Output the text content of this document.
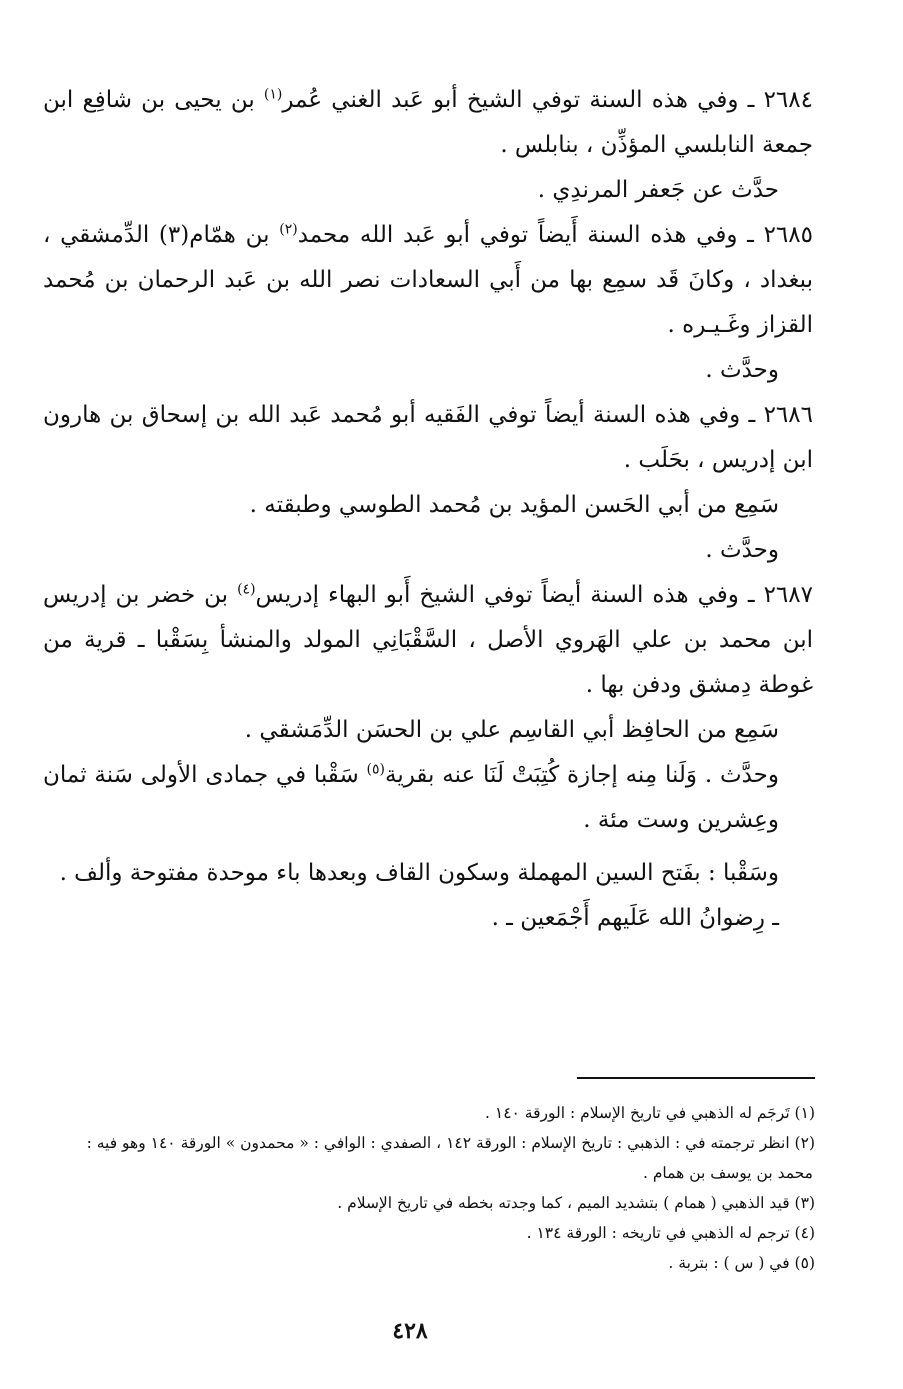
٢٦٨٤ ـ وفي هذه السنة توفي الشيخ أبو عَبد الغني عُمر$^{(١)}$ بن يحيى بن شافِع ابن جمعة النابلسي المؤذِّن ، بنابلس .

حدَّث عن جَعفر المرندِي .

٢٦٨٥ ـ وفي هذه السنة أَيضاً توفي أبو عَبد الله محمد$^{(٢)}$ بن همّام(٣) الدِّمشقي ، ببغداد ، وكانَ قَد سمِع بها من أَبي السعادات نصر الله بن عَبد الرحمان بن مُحمد القزاز وغَـيـره .

وحدَّث .

٢٦٨٦ ـ وفي هذه السنة أيضاً توفي الفَقيه أبو مُحمد عَبد الله بن إسحاق بن هارون ابن إدريس ، بحَلَب .

سَمِع من أبي الحَسن المؤيد بن مُحمد الطوسي وطبقته .

وحدَّث .

٢٦٨٧ ـ وفي هذه السنة أيضاً توفي الشيخ أَبو البهاء إدريس$^{(٤)}$ بن خضر بن إدريس ابن محمد بن علي الهَروي الأصل ، السَّقْبَانِي المولد والمنشأ بِسَقْبا ـ قرية من غوطة دِمشق ودفن بها .

سَمِع من الحافِظ أبي القاسِم علي بن الحسَن الدِّمَشقي .

وحدَّث . وَلَنا مِنه إجازة كُتِبَتْ لَنَا عنه بقرية$^{(٥)}$ سَقْبا في جمادى الأولى سَنة ثمان وعِشرين وست مئة .

وسَقْبا : بفَتح السين المهملة وسكون القاف وبعدها باء موحدة مفتوحة وألف .

ـ رِضوانُ الله عَلَيهم أَجْمَعين ـ .

(١) تَرجَم له الذهبي في تاريخ الإسلام : الورقة ١٤٠ .

(٢) انظر ترجمته في : الذهبي : تاريخ الإسلام : الورقة ١٤٢ ، الصفدي : الوافي : « محمدون » الورقة ١٤٠ وهو فيه :

محمد بن يوسف بن همام .

(٣) قيد الذهبي ( همام ) بتشديد الميم ، كما وجدته بخطه في تاريخ الإسلام .

(٤) ترجم له الذهبي في تاريخه : الورقة ١٣٤ .

(٥) في ( س ) : بتربة .

٤٢٨
